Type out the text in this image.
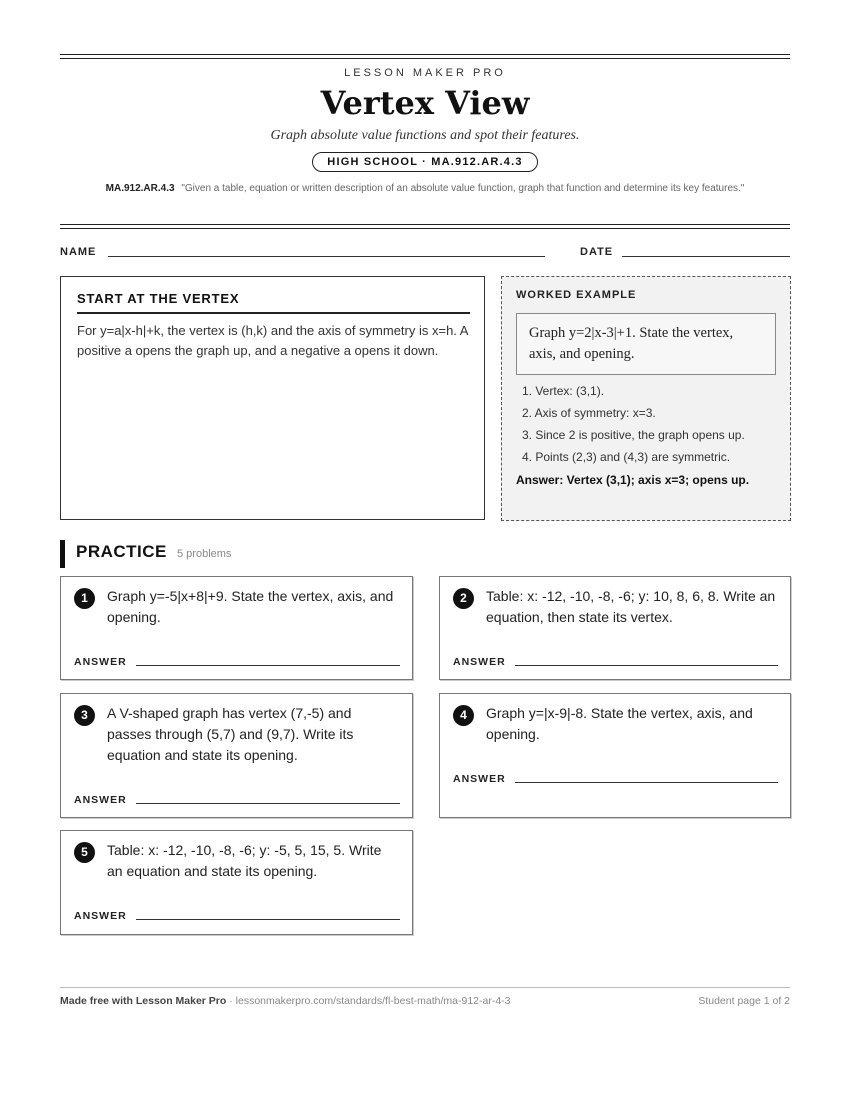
LESSON MAKER PRO
Vertex View
Graph absolute value functions and spot their features.
HIGH SCHOOL · MA.912.AR.4.3
MA.912.AR.4.3 "Given a table, equation or written description of an absolute value function, graph that function and determine its key features."
NAME	DATE
START AT THE VERTEX
For y=a|x-h|+k, the vertex is (h,k) and the axis of symmetry is x=h. A positive a opens the graph up, and a negative a opens it down.
WORKED EXAMPLE
Graph y=2|x-3|+1. State the vertex, axis, and opening.
1. Vertex: (3,1).
2. Axis of symmetry: x=3.
3. Since 2 is positive, the graph opens up.
4. Points (2,3) and (4,3) are symmetric.
Answer: Vertex (3,1); axis x=3; opens up.
PRACTICE 5 problems
1	Graph y=-5|x+8|+9. State the vertex, axis, and opening.
ANSWER
2	Table: x: -12, -10, -8, -6; y: 10, 8, 6, 8. Write an equation, then state its vertex.
ANSWER
3	A V-shaped graph has vertex (7,-5) and passes through (5,7) and (9,7). Write its equation and state its opening.
ANSWER
4	Graph y=|x-9|-8. State the vertex, axis, and opening.
ANSWER
5	Table: x: -12, -10, -8, -6; y: -5, 5, 15, 5. Write an equation and state its opening.
ANSWER
Made free with Lesson Maker Pro · lessonmakerpro.com/standards/fl-best-math/ma-912-ar-4-3	Student page 1 of 2
